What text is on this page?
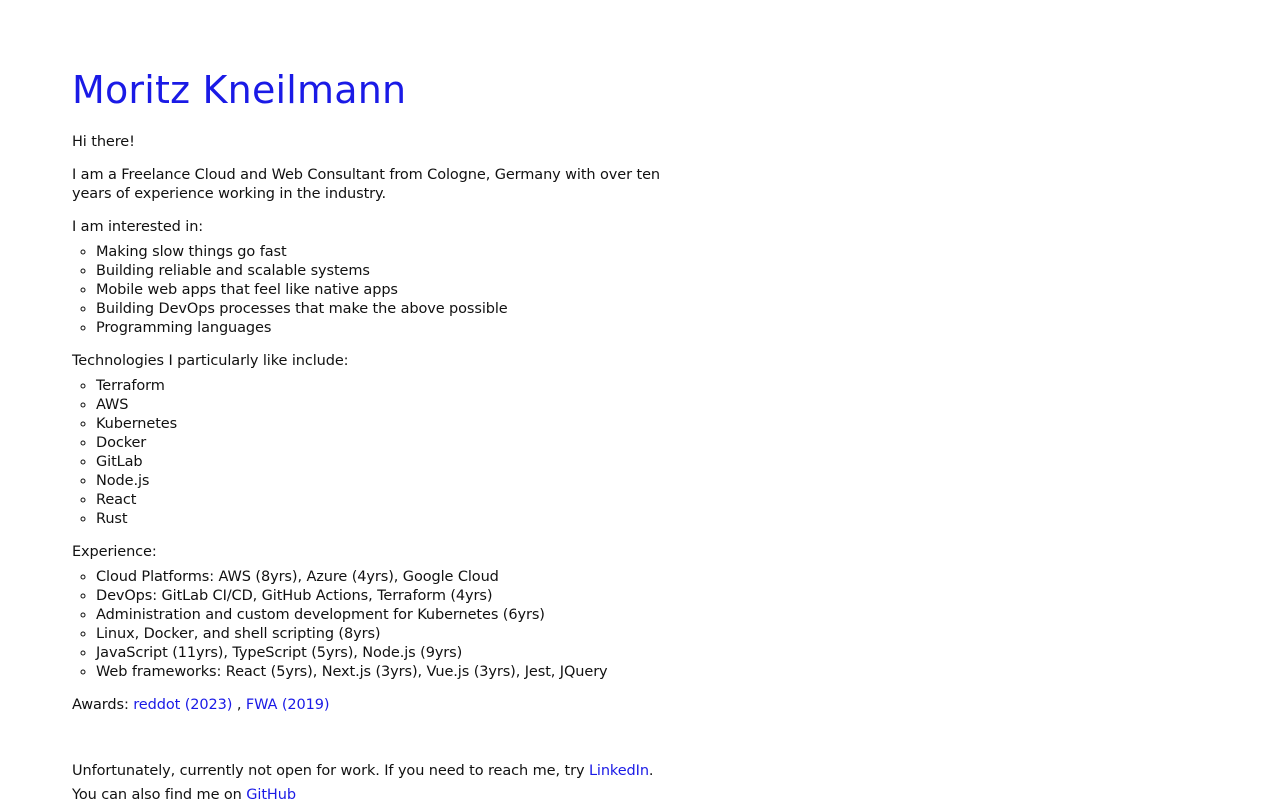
Moritz Kneilmann

Hi there!

I am a Freelance Cloud and Web Consultant from Cologne, Germany with over ten years of experience working in the industry.

I am interested in:

◦ Making slow things go fast
◦ Building reliable and scalable systems
◦ Mobile web apps that feel like native apps
◦ Building DevOps processes that make the above possible
◦ Programming languages

Technologies I particularly like include:

◦ Terraform
◦ AWS
◦ Kubernetes
◦ Docker
◦ GitLab
◦ Node.js
◦ React
◦ Rust

Experience:

◦ Cloud Platforms: AWS (8yrs), Azure (4yrs), Google Cloud
◦ DevOps: GitLab CI/CD, GitHub Actions, Terraform (4yrs)
◦ Administration and custom development for Kubernetes (6yrs)
◦ Linux, Docker, and shell scripting (8yrs)
◦ JavaScript (11yrs), TypeScript (5yrs), Node.js (9yrs)
◦ Web frameworks: React (5yrs), Next.js (3yrs), Vue.js (3yrs), Jest, JQuery

Awards: reddot (2023) , FWA (2019)

Unfortunately, currently not open for work. If you need to reach me, try LinkedIn.

You can also find me on GitHub
